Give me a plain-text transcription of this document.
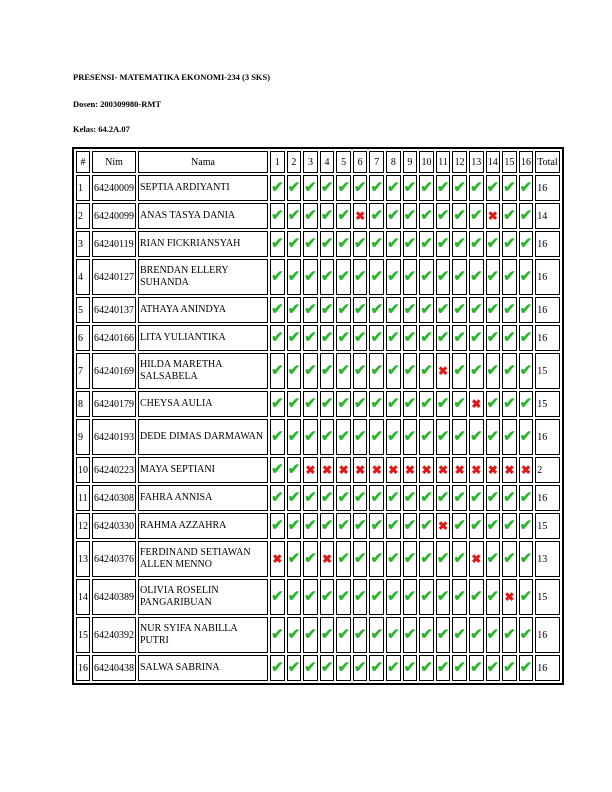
PRESENSI- MATEMATIKA EKONOMI-234 (3 SKS)
Dosen: 200309980-RMT
Kelas: 64.2A.07
#	Nim	Nama	1	2	3	4	5	6	7	8	9	10	11	12	13	14	15	16	Total
1	64240009	SEPTIA ARDIYANTI	✔	✔	✔	✔	✔	✔	✔	✔	✔	✔	✔	✔	✔	✔	✔	✔	16
2	64240099	ANAS TASYA DANIA	✔	✔	✔	✔	✔	✖	✔	✔	✔	✔	✔	✔	✔	✖	✔	✔	14
3	64240119	RIAN FICKRIANSYAH	✔	✔	✔	✔	✔	✔	✔	✔	✔	✔	✔	✔	✔	✔	✔	✔	16
4	64240127	BRENDAN ELLERY SUHANDA	✔	✔	✔	✔	✔	✔	✔	✔	✔	✔	✔	✔	✔	✔	✔	✔	16
5	64240137	ATHAYA ANINDYA	✔	✔	✔	✔	✔	✔	✔	✔	✔	✔	✔	✔	✔	✔	✔	✔	16
6	64240166	LITA YULIANTIKA	✔	✔	✔	✔	✔	✔	✔	✔	✔	✔	✔	✔	✔	✔	✔	✔	16
7	64240169	HILDA MARETHA SALSABELA	✔	✔	✔	✔	✔	✔	✔	✔	✔	✔	✖	✔	✔	✔	✔	✔	15
8	64240179	CHEYSA AULIA	✔	✔	✔	✔	✔	✔	✔	✔	✔	✔	✔	✔	✖	✔	✔	✔	15
9	64240193	DEDE DIMAS DARMAWAN	✔	✔	✔	✔	✔	✔	✔	✔	✔	✔	✔	✔	✔	✔	✔	✔	16
10	64240223	MAYA SEPTIANI	✔	✔	✖	✖	✖	✖	✖	✖	✖	✖	✖	✖	✖	✖	✖	✖	2
11	64240308	FAHRA ANNISA	✔	✔	✔	✔	✔	✔	✔	✔	✔	✔	✔	✔	✔	✔	✔	✔	16
12	64240330	RAHMA AZZAHRA	✔	✔	✔	✔	✔	✔	✔	✔	✔	✔	✖	✔	✔	✔	✔	✔	15
13	64240376	FERDINAND SETIAWAN ALLEN MENNO	✖	✔	✔	✖	✔	✔	✔	✔	✔	✔	✔	✔	✖	✔	✔	✔	13
14	64240389	OLIVIA ROSELIN PANGARIBUAN	✔	✔	✔	✔	✔	✔	✔	✔	✔	✔	✔	✔	✔	✔	✖	✔	15
15	64240392	NUR SYIFA NABILLA PUTRI	✔	✔	✔	✔	✔	✔	✔	✔	✔	✔	✔	✔	✔	✔	✔	✔	16
16	64240438	SALWA SABRINA	✔	✔	✔	✔	✔	✔	✔	✔	✔	✔	✔	✔	✔	✔	✔	✔	16
